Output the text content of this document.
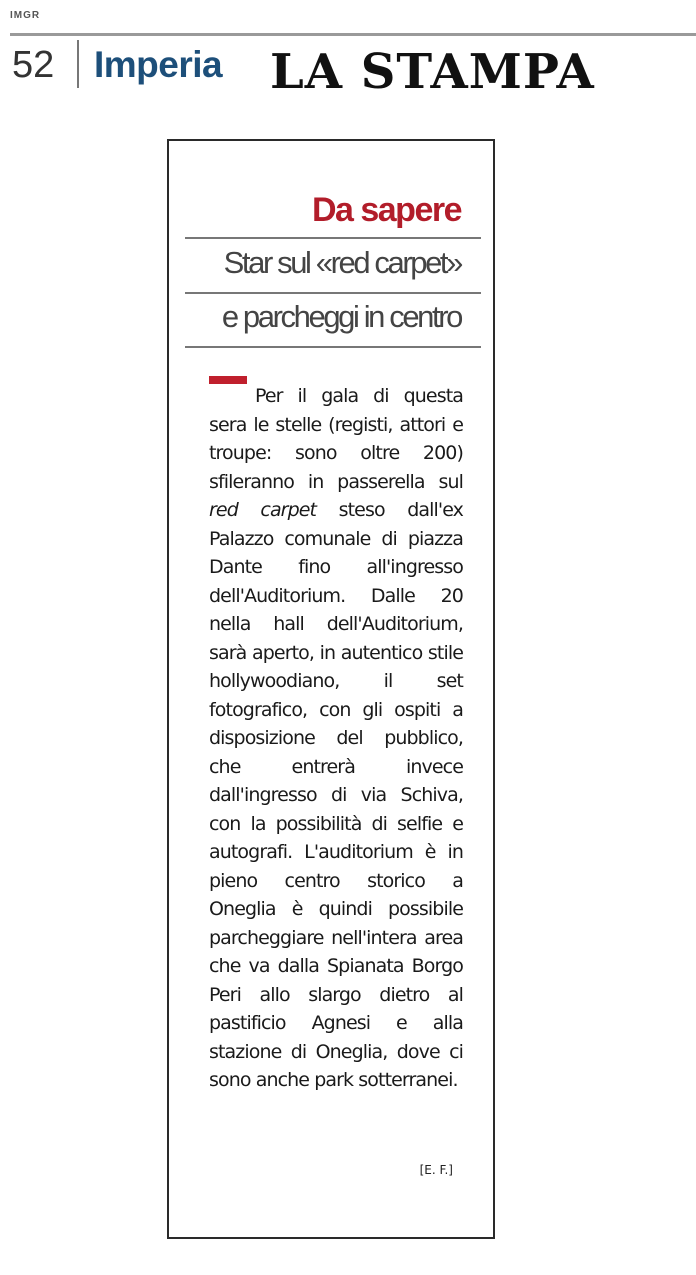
IMGR
52 Imperia LA STAMPA
Da sapere
Star sul «red carpet»
e parcheggi in centro

Per il gala di questa sera le stelle (registi, attori e troupe: sono oltre 200) sfileranno in passerella sul red carpet steso dall'ex Palazzo comunale di piazza Dante fino all'ingresso dell'Auditorium. Dalle 20 nella hall dell'Auditorium, sarà aperto, in autentico stile hollywoodiano, il set fotografico, con gli ospiti a disposizione del pubblico, che entrerà invece dall'ingresso di via Schiva, con la possibilità di selfie e autografi. L'auditorium è in pieno centro storico a Oneglia è quindi possibile parcheggiare nell'intera area che va dalla Spianata Borgo Peri allo slargo dietro al pastificio Agnesi e alla stazione di Oneglia, dove ci sono anche park sotterranei.

[E. F.]
